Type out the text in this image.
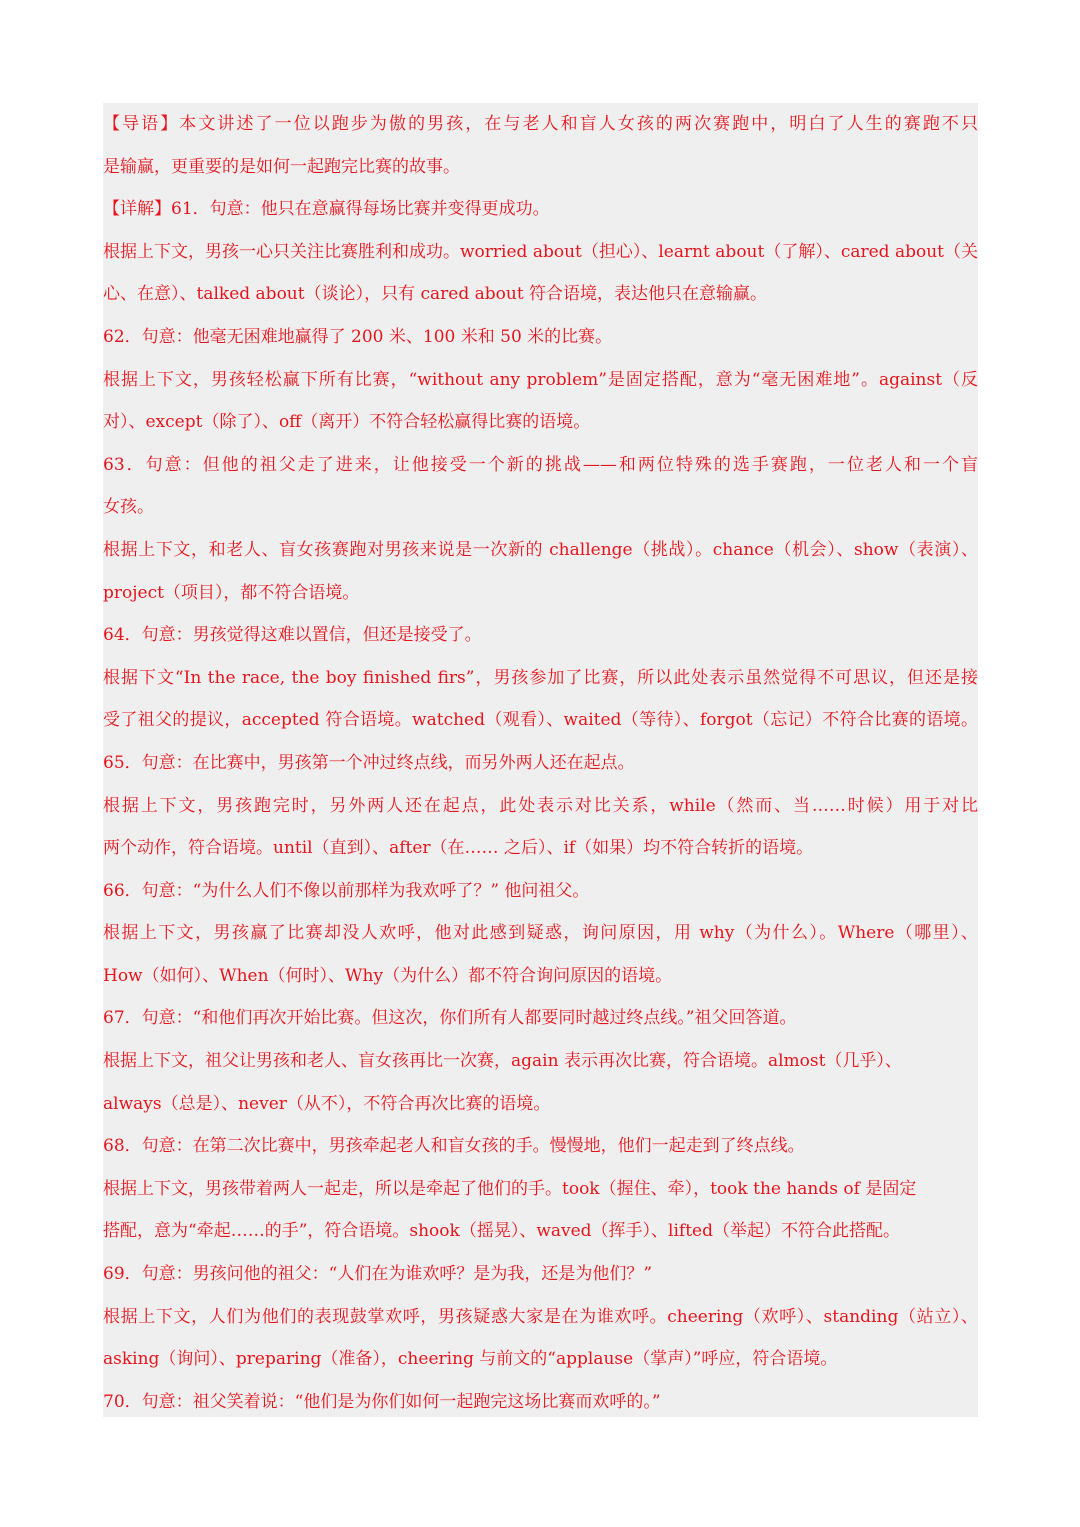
【导语】本文讲述了一位以跑步为傲的男孩，在与老人和盲人女孩的两次赛跑中，明白了人生的赛跑不只
是输赢，更重要的是如何一起跑完比赛的故事。
【详解】61．句意：他只在意赢得每场比赛并变得更成功。
根据上下文，男孩一心只关注比赛胜利和成功。worried about（担心）、learnt about（了解）、cared about（关
心、在意）、talked about（谈论），只有 cared about 符合语境，表达他只在意输赢。
62．句意：他毫无困难地赢得了 200 米、100 米和 50 米的比赛。
根据上下文，男孩轻松赢下所有比赛，“without any problem”是固定搭配，意为“毫无困难地”。against（反
对）、except（除了）、off（离开）不符合轻松赢得比赛的语境。
63．句意：但他的祖父走了进来，让他接受一个新的挑战——和两位特殊的选手赛跑，一位老人和一个盲
女孩。
根据上下文，和老人、盲女孩赛跑对男孩来说是一次新的 challenge（挑战）。chance（机会）、show（表演）、
project（项目），都不符合语境。
64．句意：男孩觉得这难以置信，但还是接受了。
根据下文“In the race, the boy finished firs”，男孩参加了比赛，所以此处表示虽然觉得不可思议，但还是接
受了祖父的提议，accepted 符合语境。watched（观看）、waited（等待）、forgot（忘记）不符合比赛的语境。
65．句意：在比赛中，男孩第一个冲过终点线，而另外两人还在起点。
根据上下文，男孩跑完时，另外两人还在起点，此处表示对比关系，while（然而、当……时候）用于对比
两个动作，符合语境。until（直到）、after（在…… 之后）、if（如果）均不符合转折的语境。
66．句意：“为什么人们不像以前那样为我欢呼了？” 他问祖父。
根据上下文，男孩赢了比赛却没人欢呼，他对此感到疑惑，询问原因，用 why（为什么）。Where（哪里）、
How（如何）、When（何时）、Why（为什么）都不符合询问原因的语境。
67．句意：“和他们再次开始比赛。但这次，你们所有人都要同时越过终点线。”祖父回答道。
根据上下文，祖父让男孩和老人、盲女孩再比一次赛，again 表示再次比赛，符合语境。almost（几乎）、
always（总是）、never（从不），不符合再次比赛的语境。
68．句意：在第二次比赛中，男孩牵起老人和盲女孩的手。慢慢地，他们一起走到了终点线。
根据上下文，男孩带着两人一起走，所以是牵起了他们的手。took（握住、牵），took the hands of 是固定
搭配，意为“牵起……的手”，符合语境。shook（摇晃）、waved（挥手）、lifted（举起）不符合此搭配。
69．句意：男孩问他的祖父：“人们在为谁欢呼？是为我，还是为他们？”
根据上下文，人们为他们的表现鼓掌欢呼，男孩疑惑大家是在为谁欢呼。cheering（欢呼）、standing（站立）、
asking（询问）、preparing（准备），cheering 与前文的“applause（掌声）”呼应，符合语境。
70．句意：祖父笑着说：“他们是为你们如何一起跑完这场比赛而欢呼的。”
